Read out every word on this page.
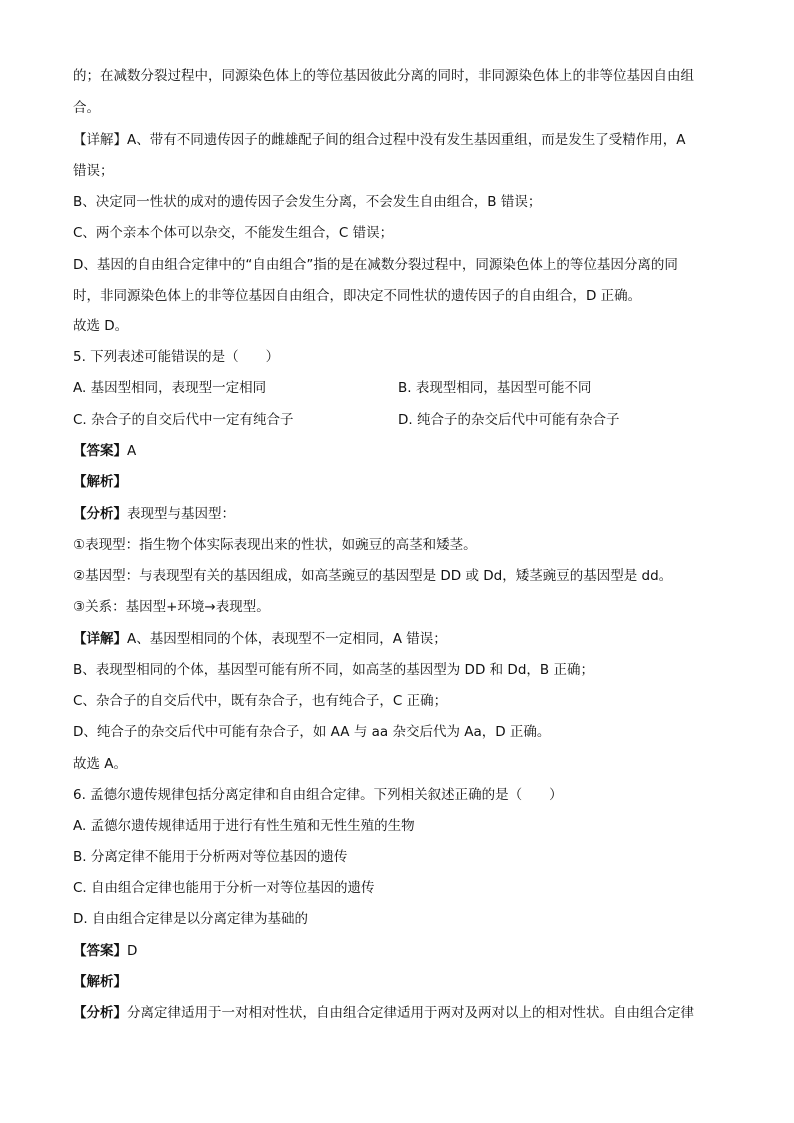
的；在减数分裂过程中，同源染色体上的等位基因彼此分离的同时，非同源染色体上的非等位基因自由组
合。
【详解】A、带有不同遗传因子的雌雄配子间的组合过程中没有发生基因重组，而是发生了受精作用，A
错误；
B、决定同一性状的成对的遗传因子会发生分离，不会发生自由组合，B 错误；
C、两个亲本个体可以杂交，不能发生组合，C 错误；
D、基因的自由组合定律中的“自由组合”指的是在减数分裂过程中，同源染色体上的等位基因分离的同
时，非同源染色体上的非等位基因自由组合，即决定不同性状的遗传因子的自由组合，D 正确。
故选 D。
5. 下列表述可能错误的是（　　）
A. 基因型相同，表现型一定相同	B. 表现型相同，基因型可能不同
C. 杂合子的自交后代中一定有纯合子	D. 纯合子的杂交后代中可能有杂合子
【答案】A
【解析】
【分析】表现型与基因型：
①表现型：指生物个体实际表现出来的性状，如豌豆的高茎和矮茎。
②基因型：与表现型有关的基因组成，如高茎豌豆的基因型是 DD 或 Dd，矮茎豌豆的基因型是 dd。
③关系：基因型+环境→表现型。
【详解】A、基因型相同的个体，表现型不一定相同，A 错误；
B、表现型相同的个体，基因型可能有所不同，如高茎的基因型为 DD 和 Dd，B 正确；
C、杂合子的自交后代中，既有杂合子，也有纯合子，C 正确；
D、纯合子的杂交后代中可能有杂合子，如 AA 与 aa 杂交后代为 Aa，D 正确。
故选 A。
6. 孟德尔遗传规律包括分离定律和自由组合定律。下列相关叙述正确的是（　　）
A. 孟德尔遗传规律适用于进行有性生殖和无性生殖的生物
B. 分离定律不能用于分析两对等位基因的遗传
C. 自由组合定律也能用于分析一对等位基因的遗传
D. 自由组合定律是以分离定律为基础的
【答案】D
【解析】
【分析】分离定律适用于一对相对性状，自由组合定律适用于两对及两对以上的相对性状。自由组合定律
